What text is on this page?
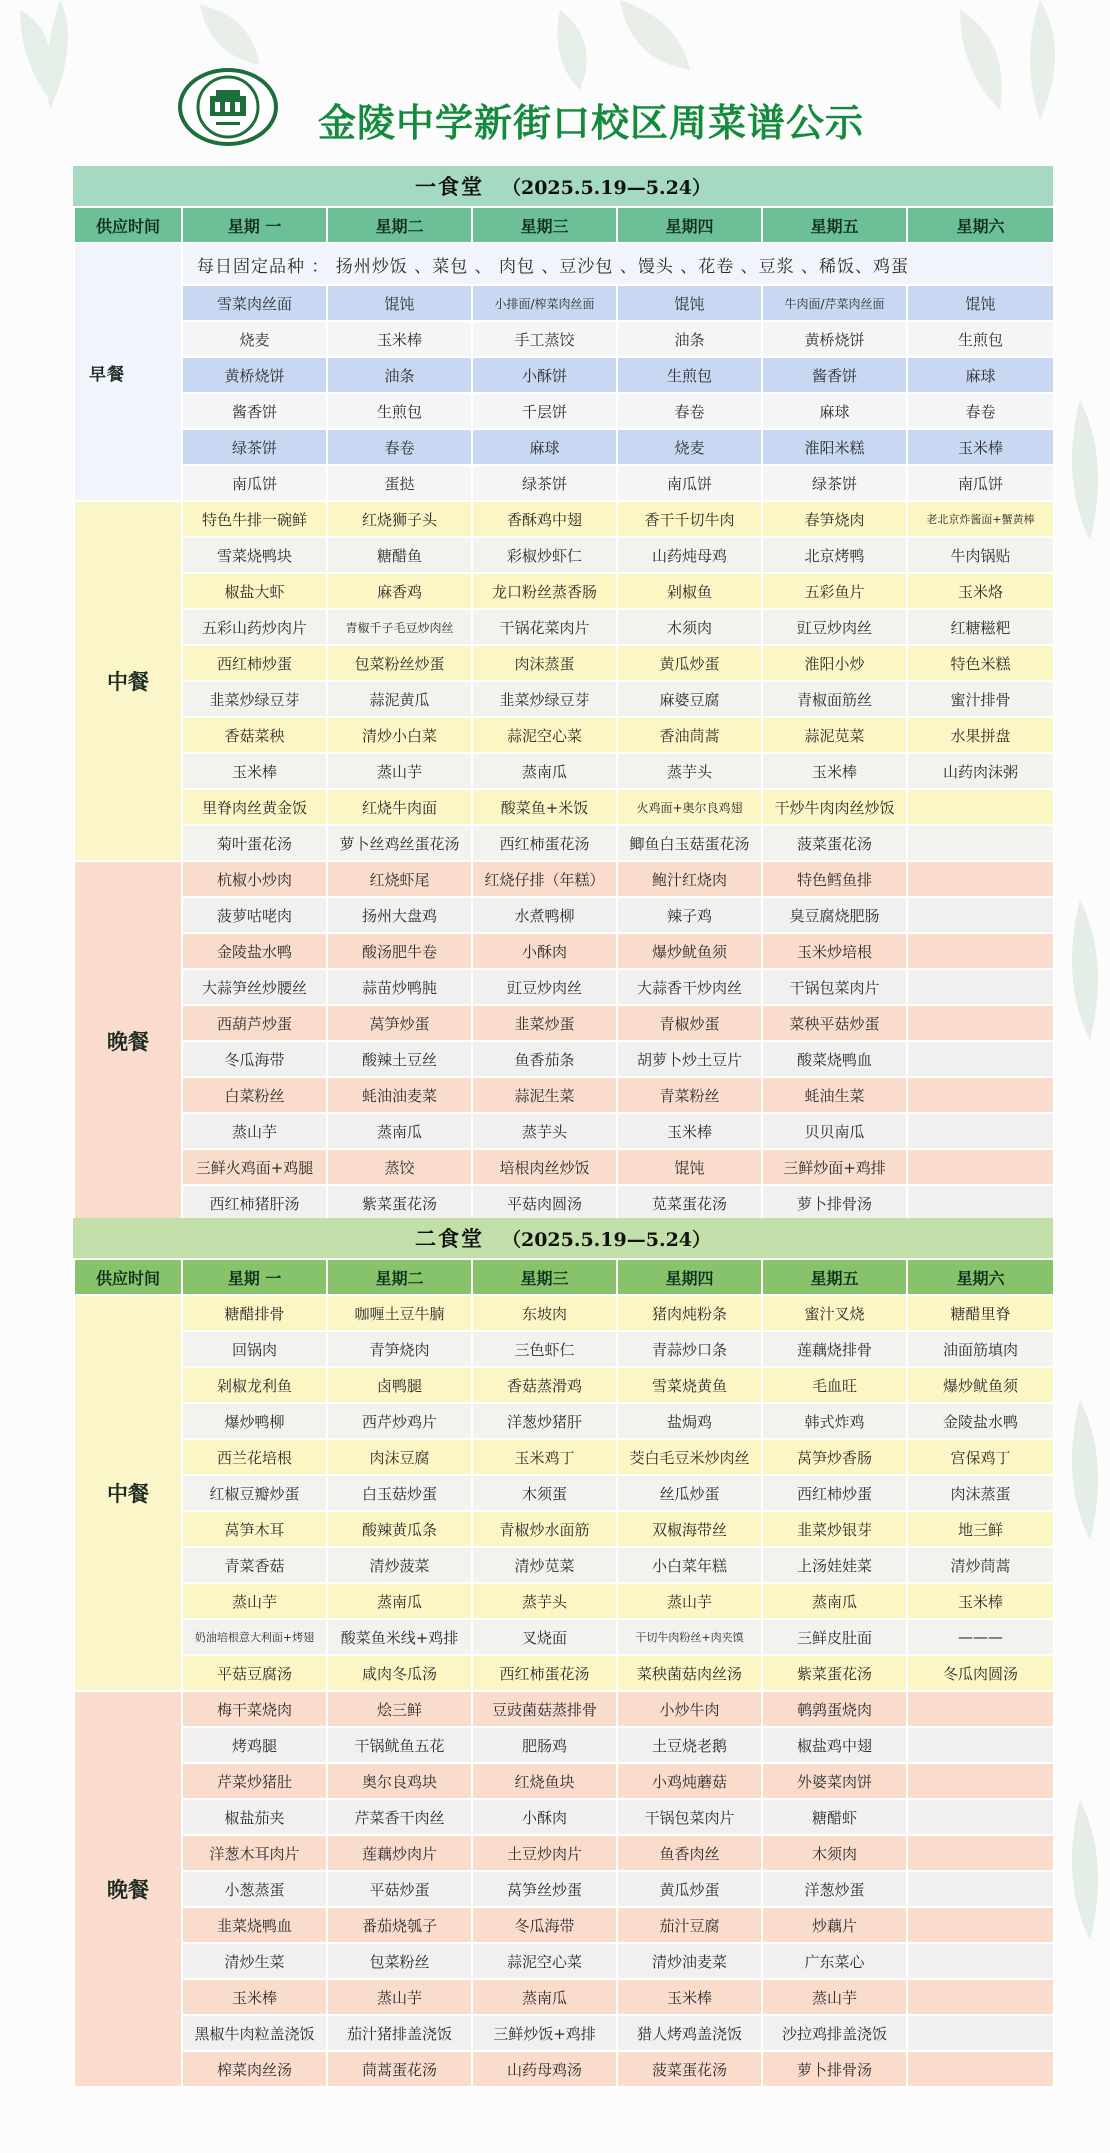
金陵中学新街口校区周菜谱公示
一食堂 （2025.5.19—5.24）
供应时间	星期 一	星期二	星期三	星期四	星期五	星期六
早餐	每日固定品种 ： 扬州炒饭 、菜包 、 肉包 、豆沙包 、馒头 、花卷 、豆浆 、稀饭、鸡蛋					
	雪菜肉丝面	馄饨	小排面/榨菜肉丝面	馄饨	牛肉面/芹菜肉丝面	馄饨
	烧麦	玉米棒	手工蒸饺	油条	黄桥烧饼	生煎包
	黄桥烧饼	油条	小酥饼	生煎包	酱香饼	麻球
	酱香饼	生煎包	千层饼	春卷	麻球	春卷
	绿茶饼	春卷	麻球	烧麦	淮阳米糕	玉米棒
	南瓜饼	蛋挞	绿茶饼	南瓜饼	绿茶饼	南瓜饼
中餐	特色牛排一碗鲜	红烧狮子头	香酥鸡中翅	香干千切牛肉	春笋烧肉	老北京炸酱面+蟹黄棒
	雪菜烧鸭块	糖醋鱼	彩椒炒虾仁	山药炖母鸡	北京烤鸭	牛肉锅贴
	椒盐大虾	麻香鸡	龙口粉丝蒸香肠	剁椒鱼	五彩鱼片	玉米烙
	五彩山药炒肉片	青椒千子毛豆炒肉丝	干锅花菜肉片	木须肉	豇豆炒肉丝	红糖糍粑
	西红柿炒蛋	包菜粉丝炒蛋	肉沫蒸蛋	黄瓜炒蛋	淮阳小炒	特色米糕
	韭菜炒绿豆芽	蒜泥黄瓜	韭菜炒绿豆芽	麻婆豆腐	青椒面筋丝	蜜汁排骨
	香菇菜秧	清炒小白菜	蒜泥空心菜	香油茼蒿	蒜泥苋菜	水果拼盘
	玉米棒	蒸山芋	蒸南瓜	蒸芋头	玉米棒	山药肉沫粥
	里脊肉丝黄金饭	红烧牛肉面	酸菜鱼+米饭	火鸡面+奥尔良鸡翅	干炒牛肉肉丝炒饭	
	菊叶蛋花汤	萝卜丝鸡丝蛋花汤	西红柿蛋花汤	鲫鱼白玉菇蛋花汤	菠菜蛋花汤	
晚餐	杭椒小炒肉	红烧虾尾	红烧仔排（年糕）	鲍汁红烧肉	特色鳕鱼排	
	菠萝咕咾肉	扬州大盘鸡	水煮鸭柳	辣子鸡	臭豆腐烧肥肠	
	金陵盐水鸭	酸汤肥牛卷	小酥肉	爆炒鱿鱼须	玉米炒培根	
	大蒜笋丝炒腰丝	蒜苗炒鸭肫	豇豆炒肉丝	大蒜香干炒肉丝	干锅包菜肉片	
	西葫芦炒蛋	莴笋炒蛋	韭菜炒蛋	青椒炒蛋	菜秧平菇炒蛋	
	冬瓜海带	酸辣土豆丝	鱼香茄条	胡萝卜炒土豆片	酸菜烧鸭血	
	白菜粉丝	蚝油油麦菜	蒜泥生菜	青菜粉丝	蚝油生菜	
	蒸山芋	蒸南瓜	蒸芋头	玉米棒	贝贝南瓜	
	三鲜火鸡面+鸡腿	蒸饺	培根肉丝炒饭	馄饨	三鲜炒面+鸡排	
	西红柿猪肝汤	紫菜蛋花汤	平菇肉圆汤	苋菜蛋花汤	萝卜排骨汤	
二食堂 （2025.5.19—5.24）
供应时间	星期 一	星期二	星期三	星期四	星期五	星期六
中餐	糖醋排骨	咖喱土豆牛腩	东坡肉	猪肉炖粉条	蜜汁叉烧	糖醋里脊
	回锅肉	青笋烧肉	三色虾仁	青蒜炒口条	莲藕烧排骨	油面筋填肉
	剁椒龙利鱼	卤鸭腿	香菇蒸滑鸡	雪菜烧黄鱼	毛血旺	爆炒鱿鱼须
	爆炒鸭柳	西芹炒鸡片	洋葱炒猪肝	盐焗鸡	韩式炸鸡	金陵盐水鸭
	西兰花培根	肉沫豆腐	玉米鸡丁	茭白毛豆米炒肉丝	莴笋炒香肠	宫保鸡丁
	红椒豆瓣炒蛋	白玉菇炒蛋	木须蛋	丝瓜炒蛋	西红柿炒蛋	肉沫蒸蛋
	莴笋木耳	酸辣黄瓜条	青椒炒水面筋	双椒海带丝	韭菜炒银芽	地三鲜
	青菜香菇	清炒菠菜	清炒苋菜	小白菜年糕	上汤娃娃菜	清炒茼蒿
	蒸山芋	蒸南瓜	蒸芋头	蒸山芋	蒸南瓜	玉米棒
	奶油培根意大利面+烤翅	酸菜鱼米线+鸡排	叉烧面	干切牛肉粉丝+肉夹馍	三鲜皮肚面	———
	平菇豆腐汤	咸肉冬瓜汤	西红柿蛋花汤	菜秧菌菇肉丝汤	紫菜蛋花汤	冬瓜肉圆汤
晚餐	梅干菜烧肉	烩三鲜	豆豉菌菇蒸排骨	小炒牛肉	鹌鹑蛋烧肉	
	烤鸡腿	干锅鱿鱼五花	肥肠鸡	土豆烧老鹅	椒盐鸡中翅	
	芹菜炒猪肚	奥尔良鸡块	红烧鱼块	小鸡炖蘑菇	外婆菜肉饼	
	椒盐茄夹	芹菜香干肉丝	小酥肉	干锅包菜肉片	糖醋虾	
	洋葱木耳肉片	莲藕炒肉片	土豆炒肉片	鱼香肉丝	木须肉	
	小葱蒸蛋	平菇炒蛋	莴笋丝炒蛋	黄瓜炒蛋	洋葱炒蛋	
	韭菜烧鸭血	番茄烧瓠子	冬瓜海带	茄汁豆腐	炒藕片	
	清炒生菜	包菜粉丝	蒜泥空心菜	清炒油麦菜	广东菜心	
	玉米棒	蒸山芋	蒸南瓜	玉米棒	蒸山芋	
	黑椒牛肉粒盖浇饭	茄汁猪排盖浇饭	三鲜炒饭+鸡排	猎人烤鸡盖浇饭	沙拉鸡排盖浇饭	
	榨菜肉丝汤	茼蒿蛋花汤	山药母鸡汤	菠菜蛋花汤	萝卜排骨汤	
